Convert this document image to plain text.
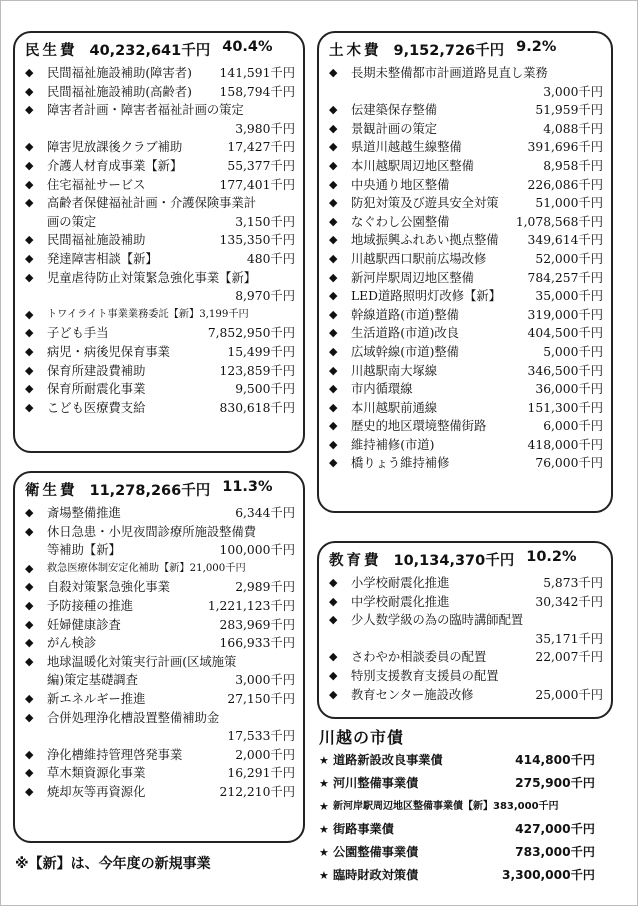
民生費 40,232,641千円 40.4%
◆	民間福祉施設補助(障害者)	141,591千円
◆	民間福祉施設補助(高齢者)	158,794千円
◆	障害者計画・障害者福祉計画の策定
3,980千円
◆	障害児放課後クラブ補助	17,427千円
◆	介護人材育成事業【新】	55,377千円
◆	住宅福祉サービス	177,401千円
◆	高齢者保健福祉計画・介護保険事業計
画の策定	3,150千円
◆	民間福祉施設補助	135,350千円
◆	発達障害相談【新】	480千円
◆	児童虐待防止対策緊急強化事業【新】
8,970千円
◆	トワイライト事業業務委託【新】3,199千円
◆	子ども手当	7,852,950千円
◆	病児・病後児保育事業	15,499千円
◆	保育所建設費補助	123,859千円
◆	保育所耐震化事業	9,500千円
◆	こども医療費支給	830,618千円
衛生費 11,278,266千円 11.3%
◆	斎場整備推進	6,344千円
◆	休日急患・小児夜間診療所施設整備費
等補助【新】	100,000千円
◆	救急医療体制安定化補助【新】21,000千円
◆	自殺対策緊急強化事業	2,989千円
◆	予防接種の推進	1,221,123千円
◆	妊婦健康診査	283,969千円
◆	がん検診	166,933千円
◆	地球温暖化対策実行計画(区域施策
編)策定基礎調査	3,000千円
◆	新エネルギー推進	27,150千円
◆	合併処理浄化槽設置整備補助金
17,533千円
◆	浄化槽維持管理啓発事業	2,000千円
◆	草木類資源化事業	16,291千円
◆	焼却灰等再資源化	212,210千円
土木費 9,152,726千円 9.2%
◆	長期未整備都市計画道路見直し業務
3,000千円
◆	伝建築保存整備	51,959千円
◆	景観計画の策定	4,088千円
◆	県道川越越生線整備	391,696千円
◆	本川越駅周辺地区整備	8,958千円
◆	中央通り地区整備	226,086千円
◆	防犯対策及び遊具安全対策	51,000千円
◆	なぐわし公園整備	1,078,568千円
◆	地域振興ふれあい拠点整備	349,614千円
◆	川越駅西口駅前広場改修	52,000千円
◆	新河岸駅周辺地区整備	784,257千円
◆	LED道路照明灯改修【新】	35,000千円
◆	幹線道路(市道)整備	319,000千円
◆	生活道路(市道)改良	404,500千円
◆	広域幹線(市道)整備	5,000千円
◆	川越駅南大塚線	346,500千円
◆	市内循環線	36,000千円
◆	本川越駅前通線	151,300千円
◆	歴史的地区環境整備街路	6,000千円
◆	維持補修(市道)	418,000千円
◆	橋りょう維持補修	76,000千円
教育費 10,134,370千円 10.2%
◆	小学校耐震化推進	5,873千円
◆	中学校耐震化推進	30,342千円
◆	少人数学級の為の臨時講師配置
35,171千円
◆	さわやか相談委員の配置	22,007千円
◆	特別支援教育支援員の配置
◆	教育センター施設改修	25,000千円
川越の市債
★ 道路新設改良事業債	414,800千円
★ 河川整備事業債	275,900千円
★ 新河岸駅周辺地区整備事業債【新】383,000千円
★ 街路事業債	427,000千円
★ 公園整備事業債	783,000千円
★ 臨時財政対策債	3,300,000千円
※【新】は、今年度の新規事業
